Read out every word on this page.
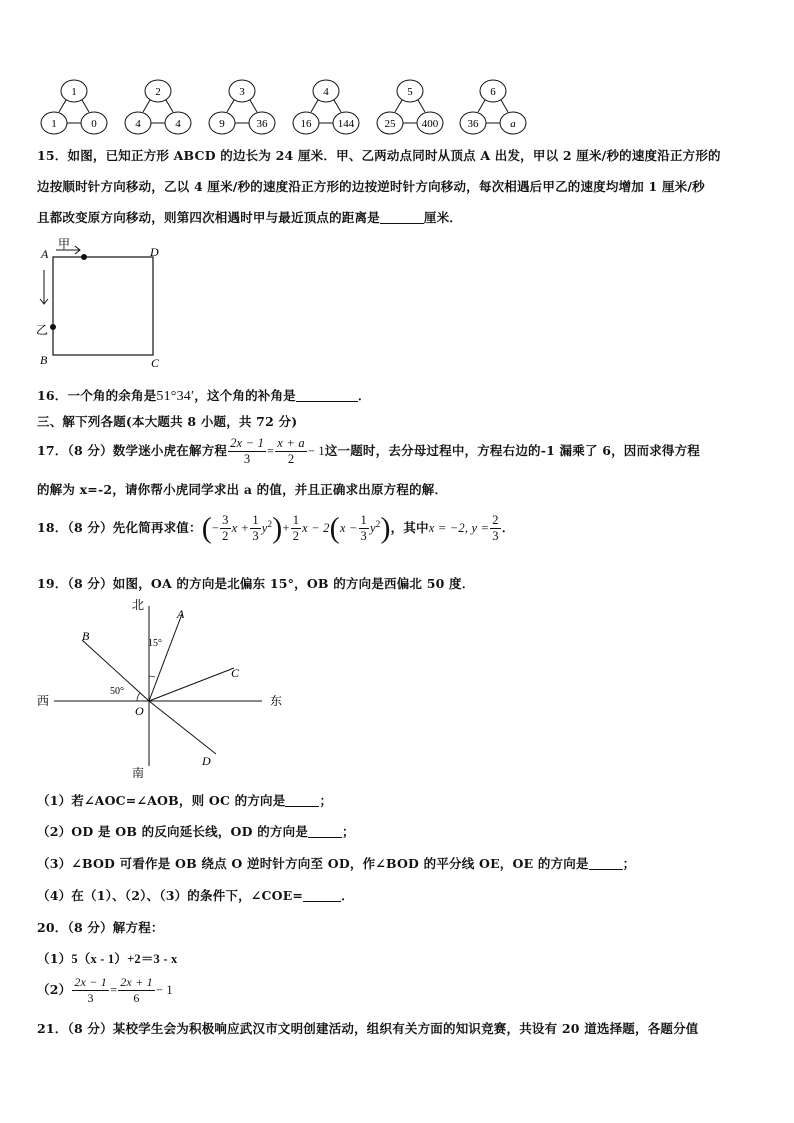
1
1	0
2
4	4
3
9	36
4
16 144
5
25 400
6
36	a
15．如图，已知正方形 ABCD 的边长为 24 厘米．甲、乙两动点同时从顶点 A 出发，甲以 2 厘米/秒的速度沿正方形的
边按顺时针方向移动，乙以 4 厘米/秒的速度沿正方形的边按逆时针方向移动，每次相遇后甲乙的速度均增加 1 厘米/秒
且都改变原方向移动，则第四次相遇时甲与最近顶点的距离是	厘米．
A
甲
D
乙
B	C
16．一个角的余角是51°34′，这个角的补角是	．
三、解下列各题(本大题共 8 小题，共 72 分)
17．（8 分）数学迷小虎在解方程 $\frac{2x - 1}{3} = \frac{x + a}{2} - 1$这一题时，去分母过程中，方程右边的-1 漏乘了 6，因而求得方程
的解为 x=-2，请你帮小虎同学求出 a 的值，并且正确求出原方程的解．
18．（8 分）先化简再求值：(− $\frac{3}{2}$ $x + \frac{1}{3} y^2)+ \frac{1}{2}$ $x - 2(x - \frac{1}{3} y^2)$，其中x = −2, $y = \frac{2}{3}$ ．
19．（8 分）如图，OA 的方向是北偏东 15°，OB 的方向是西偏北 50 度．
北
A
B
15°
C
50°
西	东
O
D
南
（1）若∠AOC=∠AOB，则 OC 的方向是	；
（2）OD 是 OB 的反向延长线，OD 的方向是	；
（3）∠BOD 可看作是 OB 绕点 O 逆时针方向至 OD，作∠BOD 的平分线 OE，OE 的方向是	；
（4）在（1）、（2）、（3）的条件下，∠COE=	．
20．（8 分）解方程：
（1）5（x - 1）+2＝3 - x
$(2) \frac{2x - 1}{3} = \frac{2x + 1}{6} - 1$
21．（8 分）某校学生会为积极响应武汉市文明创建活动，组织有关方面的知识竞赛，共设有 20 道选择题，各题分值
